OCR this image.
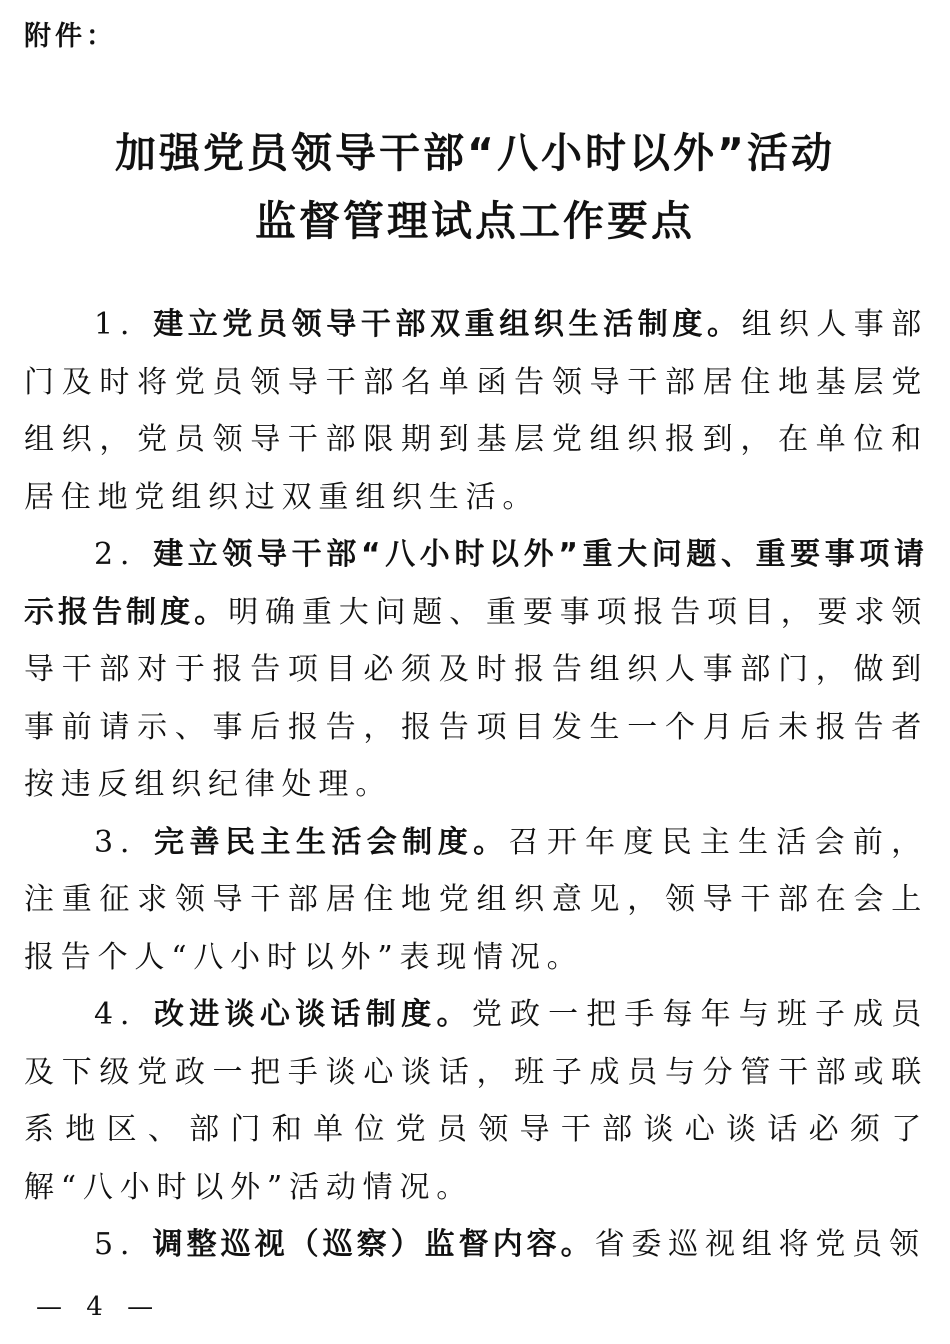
附件：

加强党员领导干部“八小时以外”活动
监督管理试点工作要点

1. 建立党员领导干部双重组织生活制度。组织人事部门及时将党员领导干部名单函告领导干部居住地基层党组织，党员领导干部限期到基层党组织报到，在单位和居住地党组织过双重组织生活。

2. 建立领导干部“八小时以外”重大问题、重要事项请示报告制度。明确重大问题、重要事项报告项目，要求领导干部对于报告项目必须及时报告组织人事部门，做到事前请示、事后报告，报告项目发生一个月后未报告者按违反组织纪律处理。

3. 完善民主生活会制度。召开年度民主生活会前，注重征求领导干部居住地党组织意见，领导干部在会上报告个人“八小时以外”表现情况。

4. 改进谈心谈话制度。党政一把手每年与班子成员及下级党政一把手谈心谈话，班子成员与分管干部或联系地区、部门和单位党员领导干部谈心谈话必须了解“八小时以外”活动情况。

5. 调整巡视（巡察）监督内容。省委巡视组将党员领

— 4 —
